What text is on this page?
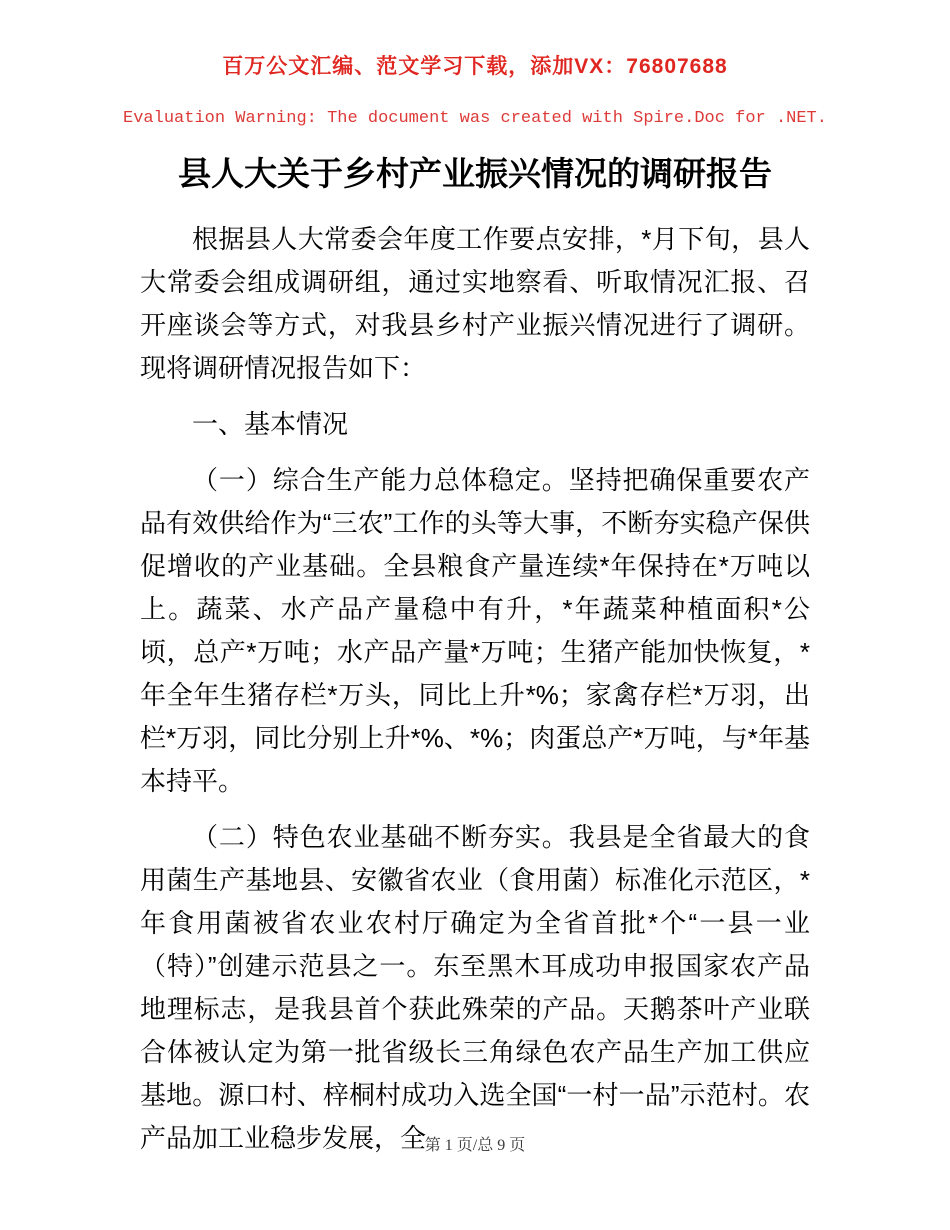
百万公文汇编、范文学习下载，添加VX：76807688
Evaluation Warning: The document was created with Spire.Doc for .NET.
县人大关于乡村产业振兴情况的调研报告

根据县人大常委会年度工作要点安排，*月下旬，县人大常委会组成调研组，通过实地察看、听取情况汇报、召开座谈会等方式，对我县乡村产业振兴情况进行了调研。现将调研情况报告如下：

一、基本情况

（一）综合生产能力总体稳定。坚持把确保重要农产品有效供给作为“三农”工作的头等大事，不断夯实稳产保供促增收的产业基础。全县粮食产量连续*年保持在*万吨以上。蔬菜、水产品产量稳中有升，*年蔬菜种植面积*公顷，总产*万吨；水产品产量*万吨；生猪产能加快恢复，*年全年生猪存栏*万头，同比上升*%；家禽存栏*万羽，出栏*万羽，同比分别上升*%、*%；肉蛋总产*万吨，与*年基本持平。

（二）特色农业基础不断夯实。我县是全省最大的食用菌生产基地县、安徽省农业（食用菌）标准化示范区，*年食用菌被省农业农村厅确定为全省首批*个“一县一业（特）”创建示范县之一。东至黑木耳成功申报国家农产品地理标志，是我县首个获此殊荣的产品。天鹅茶叶产业联合体被认定为第一批省级长三角绿色农产品生产加工供应基地。源口村、梓桐村成功入选全国“一村一品”示范村。农产品加工业稳步发展，全

第 1 页/总 9 页
